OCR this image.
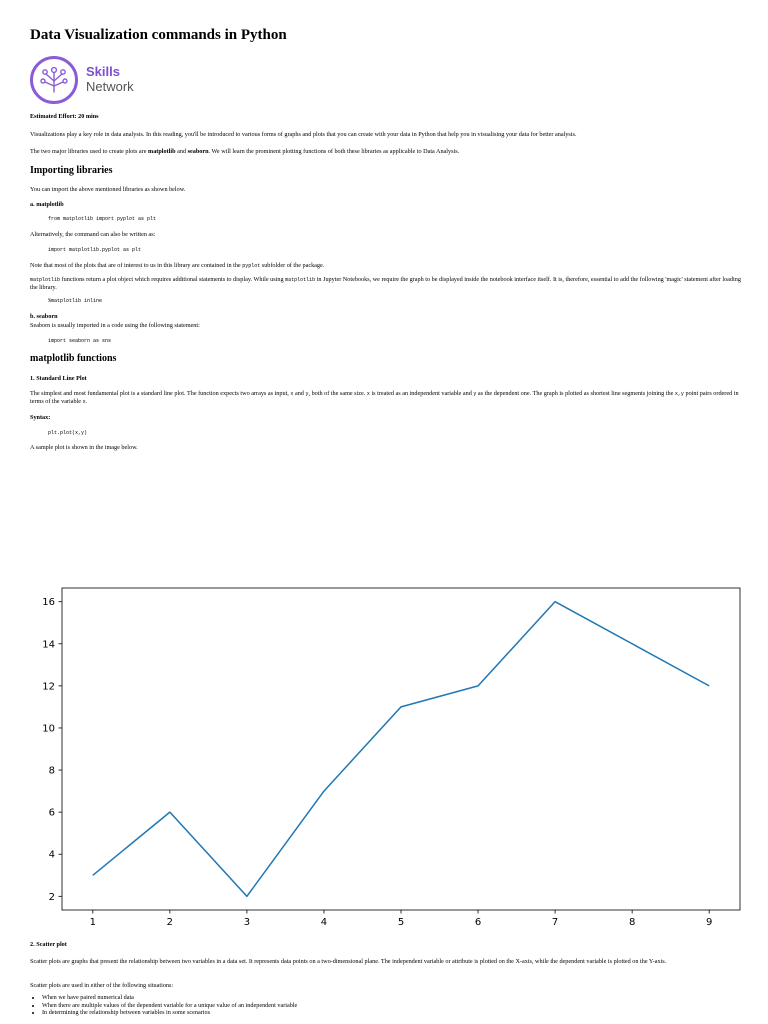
Data Visualization commands in Python
Skills
Network

Estimated Effort: 20 mins

Visualizations play a key role in data analysis. In this reading, you'll be introduced to various forms of graphs and plots that you can create with your data in Python that help you in visualising your data for better analysis.

The two major libraries used to create plots are matplotlib and seaborn. We will learn the prominent plotting functions of both these libraries as applicable to Data Analysis.

Importing libraries

You can import the above mentioned libraries as shown below.

a. matplotlib

from matplotlib import pyplot as plt

Alternatively, the command can also be written as:

import matplotlib.pyplot as plt

Note that most of the plots that are of interest to us in this library are contained in the pyplot subfolder of the package.

matplotlib functions return a plot object which requires additional statements to display. While using matplotlib in Jupyter Notebooks, we require the graph to be displayed inside the notebook interface itself. It is, therefore, essential to add the following 'magic' statement after loading the library.

%matplotlib inline

b. seaborn

Seaborn is usually imported in a code using the following statement:

import seaborn as sns

matplotlib functions

1. Standard Line Plot

The simplest and most fundamental plot is a standard line plot. The function expects two arrays as input, x and y, both of the same size. x is treated as an independent variable and y as the dependent one. The graph is plotted as shortest line segments joining the x,y point pairs ordered in terms of the variable x.

Syntax:

plt.plot(x,y)

A sample plot is shown in the image below.

2. Scatter plot

Scatter plots are graphs that present the relationship between two variables in a data set. It represents data points on a two-dimensional plane. The independent variable or attribute is plotted on the X-axis, while the dependent variable is plotted on the Y-axis.

Scatter plots are used in either of the following situations:

• When we have paired numerical data
• When there are multiple values of the dependent variable for a unique value of an independent variable
• In determining the relationship between variables in some scenarios
1	2	3	4	5	6	7	8	9
2
4
6
8
10
12
14
16
